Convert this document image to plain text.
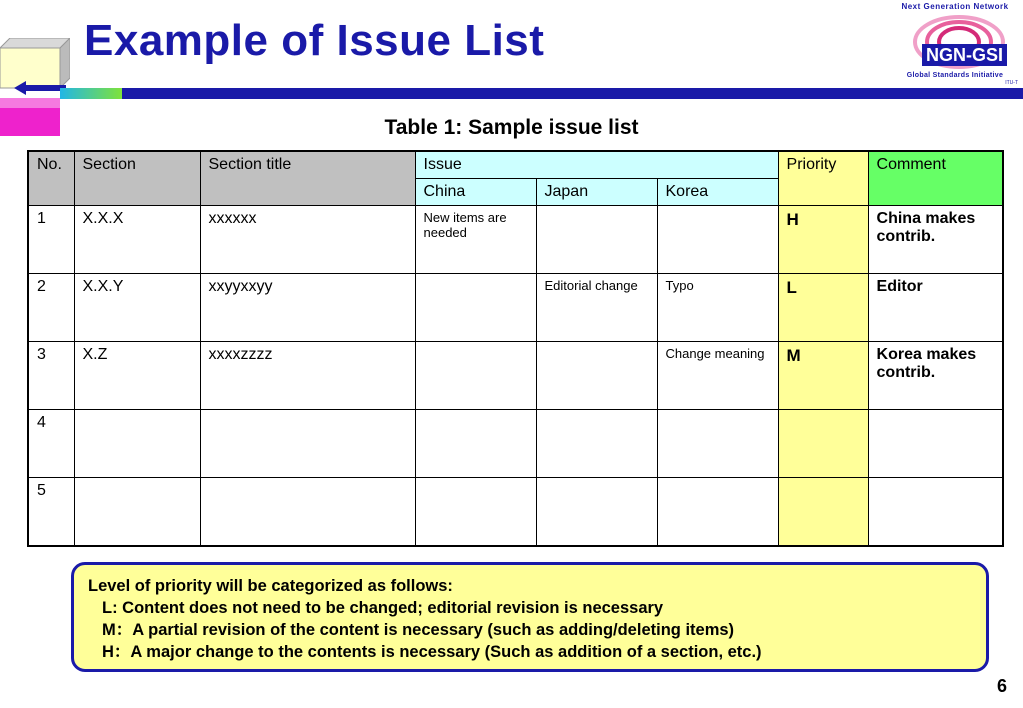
Example of Issue List
Next Generation Network
NGN-GSI
Global Standards Initiative
ITU-T
Table 1: Sample issue list
No.	Section	Section title	Issue			Priority	Comment
			China	Japan	Korea		
1	X.X.X	xxxxxx	New items are needed			H	China makes contrib.
2	X.X.Y	xxyyxxyy		Editorial change	Typo	L	Editor
3	X.Z	xxxxzzzz			Change meaning	M	Korea makes contrib.
4							
5							
Level of priority will be categorized as follows:
L: Content does not need to be changed; editorial revision is necessary
M：A partial revision of the content is necessary (such as adding/deleting items)
H：A major change to the contents is necessary (Such as addition of a section, etc.)
6
